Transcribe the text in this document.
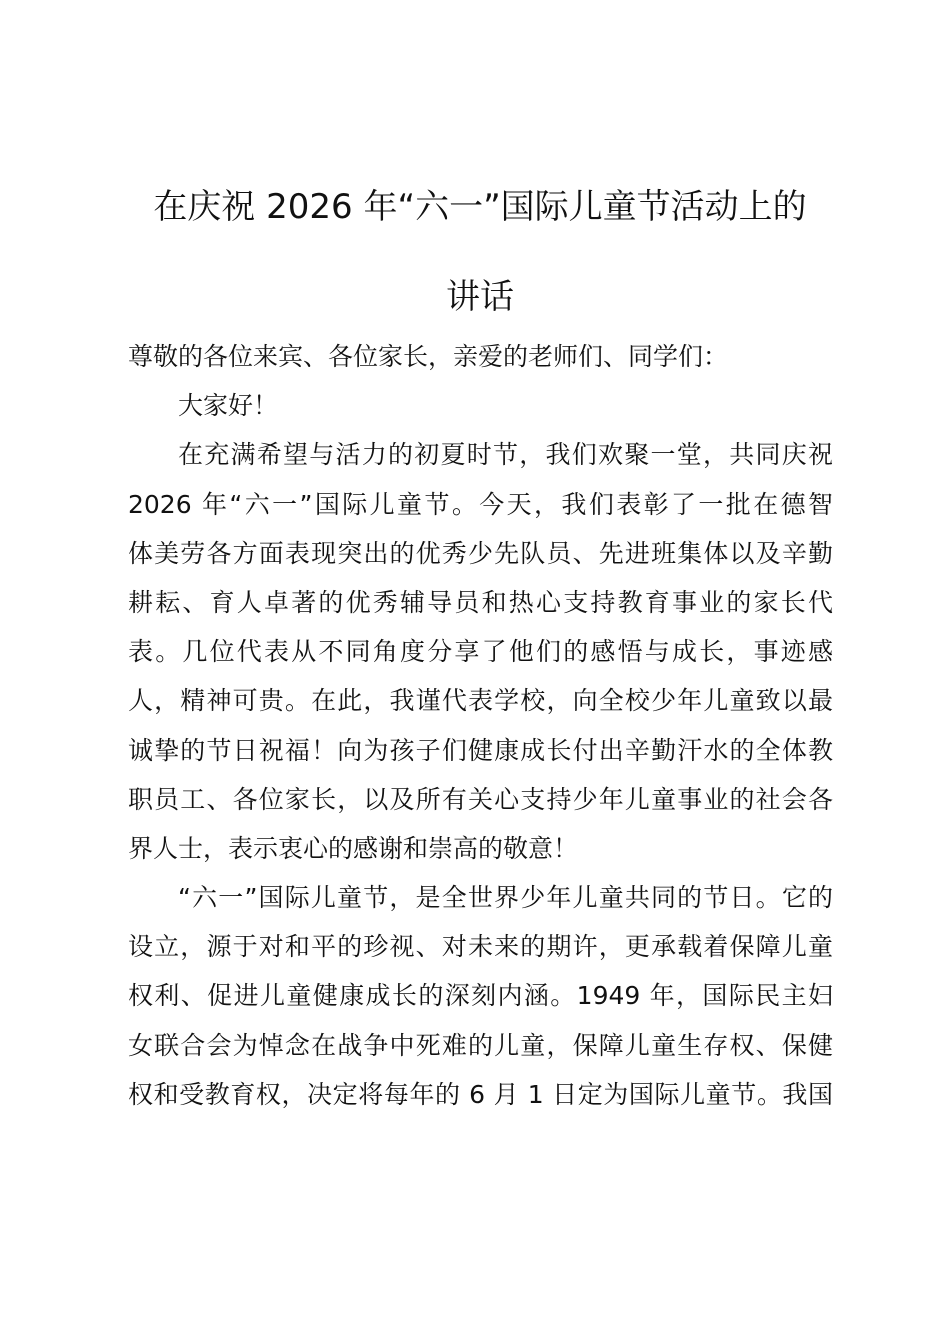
在庆祝 2026 年“六一”国际儿童节活动上的
讲话
尊敬的各位来宾、各位家长，亲爱的老师们、同学们：
大家好！
在充满希望与活力的初夏时节，我们欢聚一堂，共同庆祝
2026 年“六一”国际儿童节。今天，我们表彰了一批在德智
体美劳各方面表现突出的优秀少先队员、先进班集体以及辛勤
耕耘、育人卓著的优秀辅导员和热心支持教育事业的家长代
表。几位代表从不同角度分享了他们的感悟与成长，事迹感
人，精神可贵。在此，我谨代表学校，向全校少年儿童致以最
诚挚的节日祝福！向为孩子们健康成长付出辛勤汗水的全体教
职员工、各位家长，以及所有关心支持少年儿童事业的社会各
界人士，表示衷心的感谢和崇高的敬意！
“六一”国际儿童节，是全世界少年儿童共同的节日。它的
设立，源于对和平的珍视、对未来的期许，更承载着保障儿童
权利、促进儿童健康成长的深刻内涵。1949 年，国际民主妇
女联合会为悼念在战争中死难的儿童，保障儿童生存权、保健
权和受教育权，决定将每年的 6 月 1 日定为国际儿童节。我国
